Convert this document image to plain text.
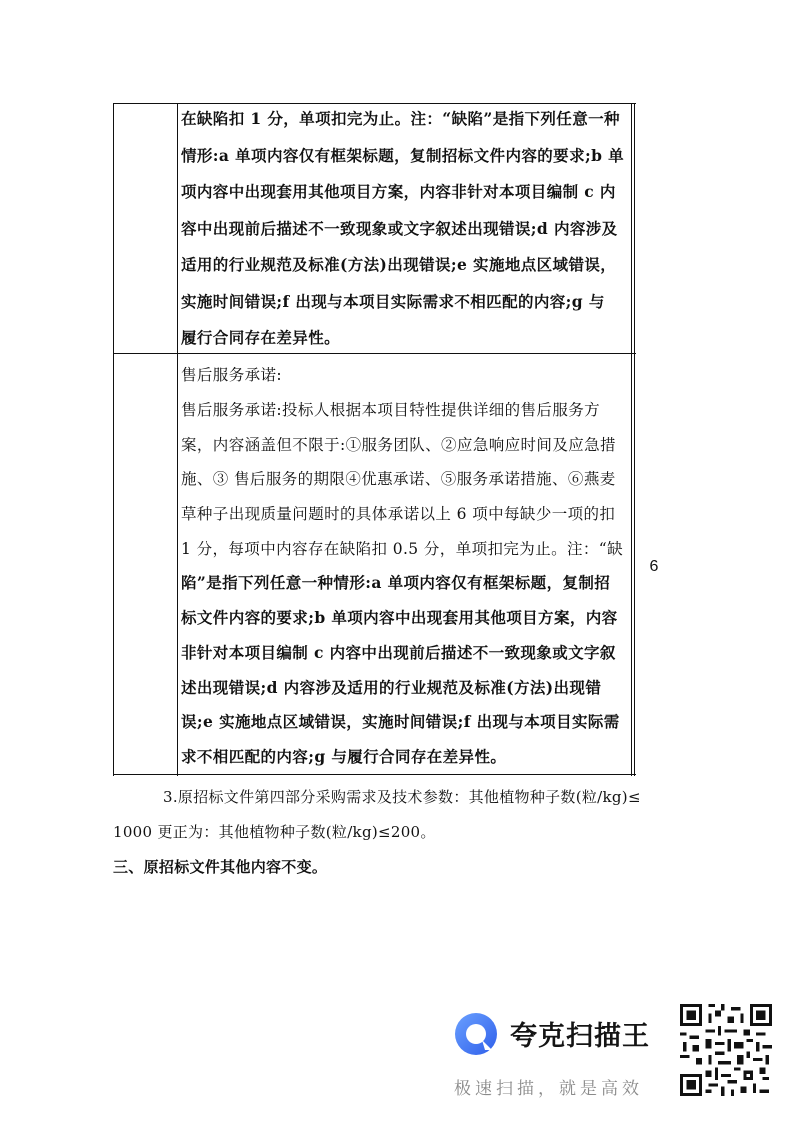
在缺陷扣 1 分，单项扣完为止。注：“缺陷”是指下列任意一种
情形:a 单项内容仅有框架标题，复制招标文件内容的要求;b 单
项内容中出现套用其他项目方案，内容非针对本项目编制 c 内
容中出现前后描述不一致现象或文字叙述出现错误;d 内容涉及
适用的行业规范及标准(方法)出现错误;e 实施地点区域错误，
实施时间错误;f 出现与本项目实际需求不相匹配的内容;g 与
履行合同存在差异性。
售后服务承诺:
售后服务承诺:投标人根据本项目特性提供详细的售后服务方
案，内容涵盖但不限于:①服务团队、②应急响应时间及应急措
施、③ 售后服务的期限④优惠承诺、⑤服务承诺措施、⑥燕麦
草种子出现质量问题时的具体承诺以上 6 项中每缺少一项的扣
1 分，每项中内容存在缺陷扣 0.5 分，单项扣完为止。注：“缺
陷”是指下列任意一种情形:a 单项内容仅有框架标题，复制招
标文件内容的要求;b 单项内容中出现套用其他项目方案，内容
非针对本项目编制 c 内容中出现前后描述不一致现象或文字叙
述出现错误;d 内容涉及适用的行业规范及标准(方法)出现错
误;e 实施地点区域错误，实施时间错误;f 出现与本项目实际需
求不相匹配的内容;g 与履行合同存在差异性。
6
3.原招标文件第四部分采购需求及技术参数：其他植物种子数(粒/kg)≤
1000 更正为：其他植物种子数(粒/kg)≤200。
三、原招标文件其他内容不变。
夸克扫描王
极速扫描，就是高效
